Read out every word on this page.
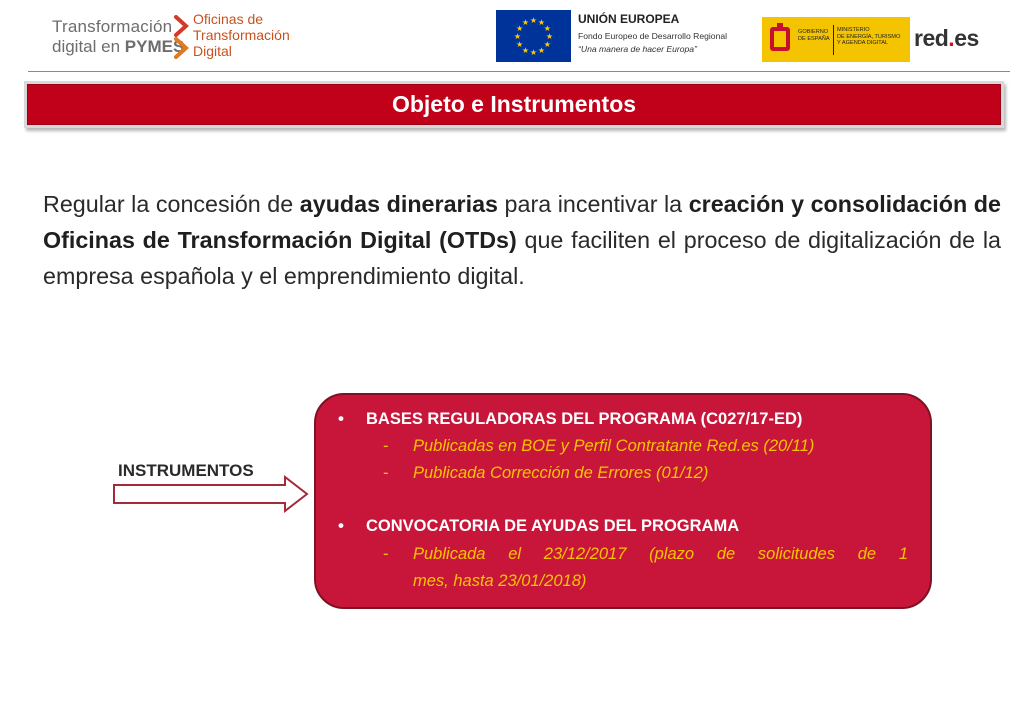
Transformación
digital en PYMES
Oficinas de
Transformación
Digital
★
★
★
★
★
★
★
★
★ ★ ★
★
UNIÓN EUROPEA
Fondo Europeo de Desarrollo Regional
“Una manera de hacer Europa”
GOBIERNO
DE ESPAÑA
MINISTERIO
DE ENERGÍA, TURISMO
Y AGENDA DIGITAL	red.es
Objeto e Instrumentos
Regular la concesión de ayudas dinerarias para incentivar la creación y consolidación de Oficinas de Transformación Digital (OTDs) que faciliten el proceso de digitalización de la empresa española y el emprendimiento digital.
INSTRUMENTOS
• BASES REGULADORAS DEL PROGRAMA (C027/17-ED)
- Publicadas en BOE y Perfil Contratante Red.es (20/11)
- Publicada Corrección de Errores (01/12)
• CONVOCATORIA DE AYUDAS DEL PROGRAMA
- Publicada el 23/12/2017 (plazo de solicitudes de 1
mes, hasta 23/01/2018)
